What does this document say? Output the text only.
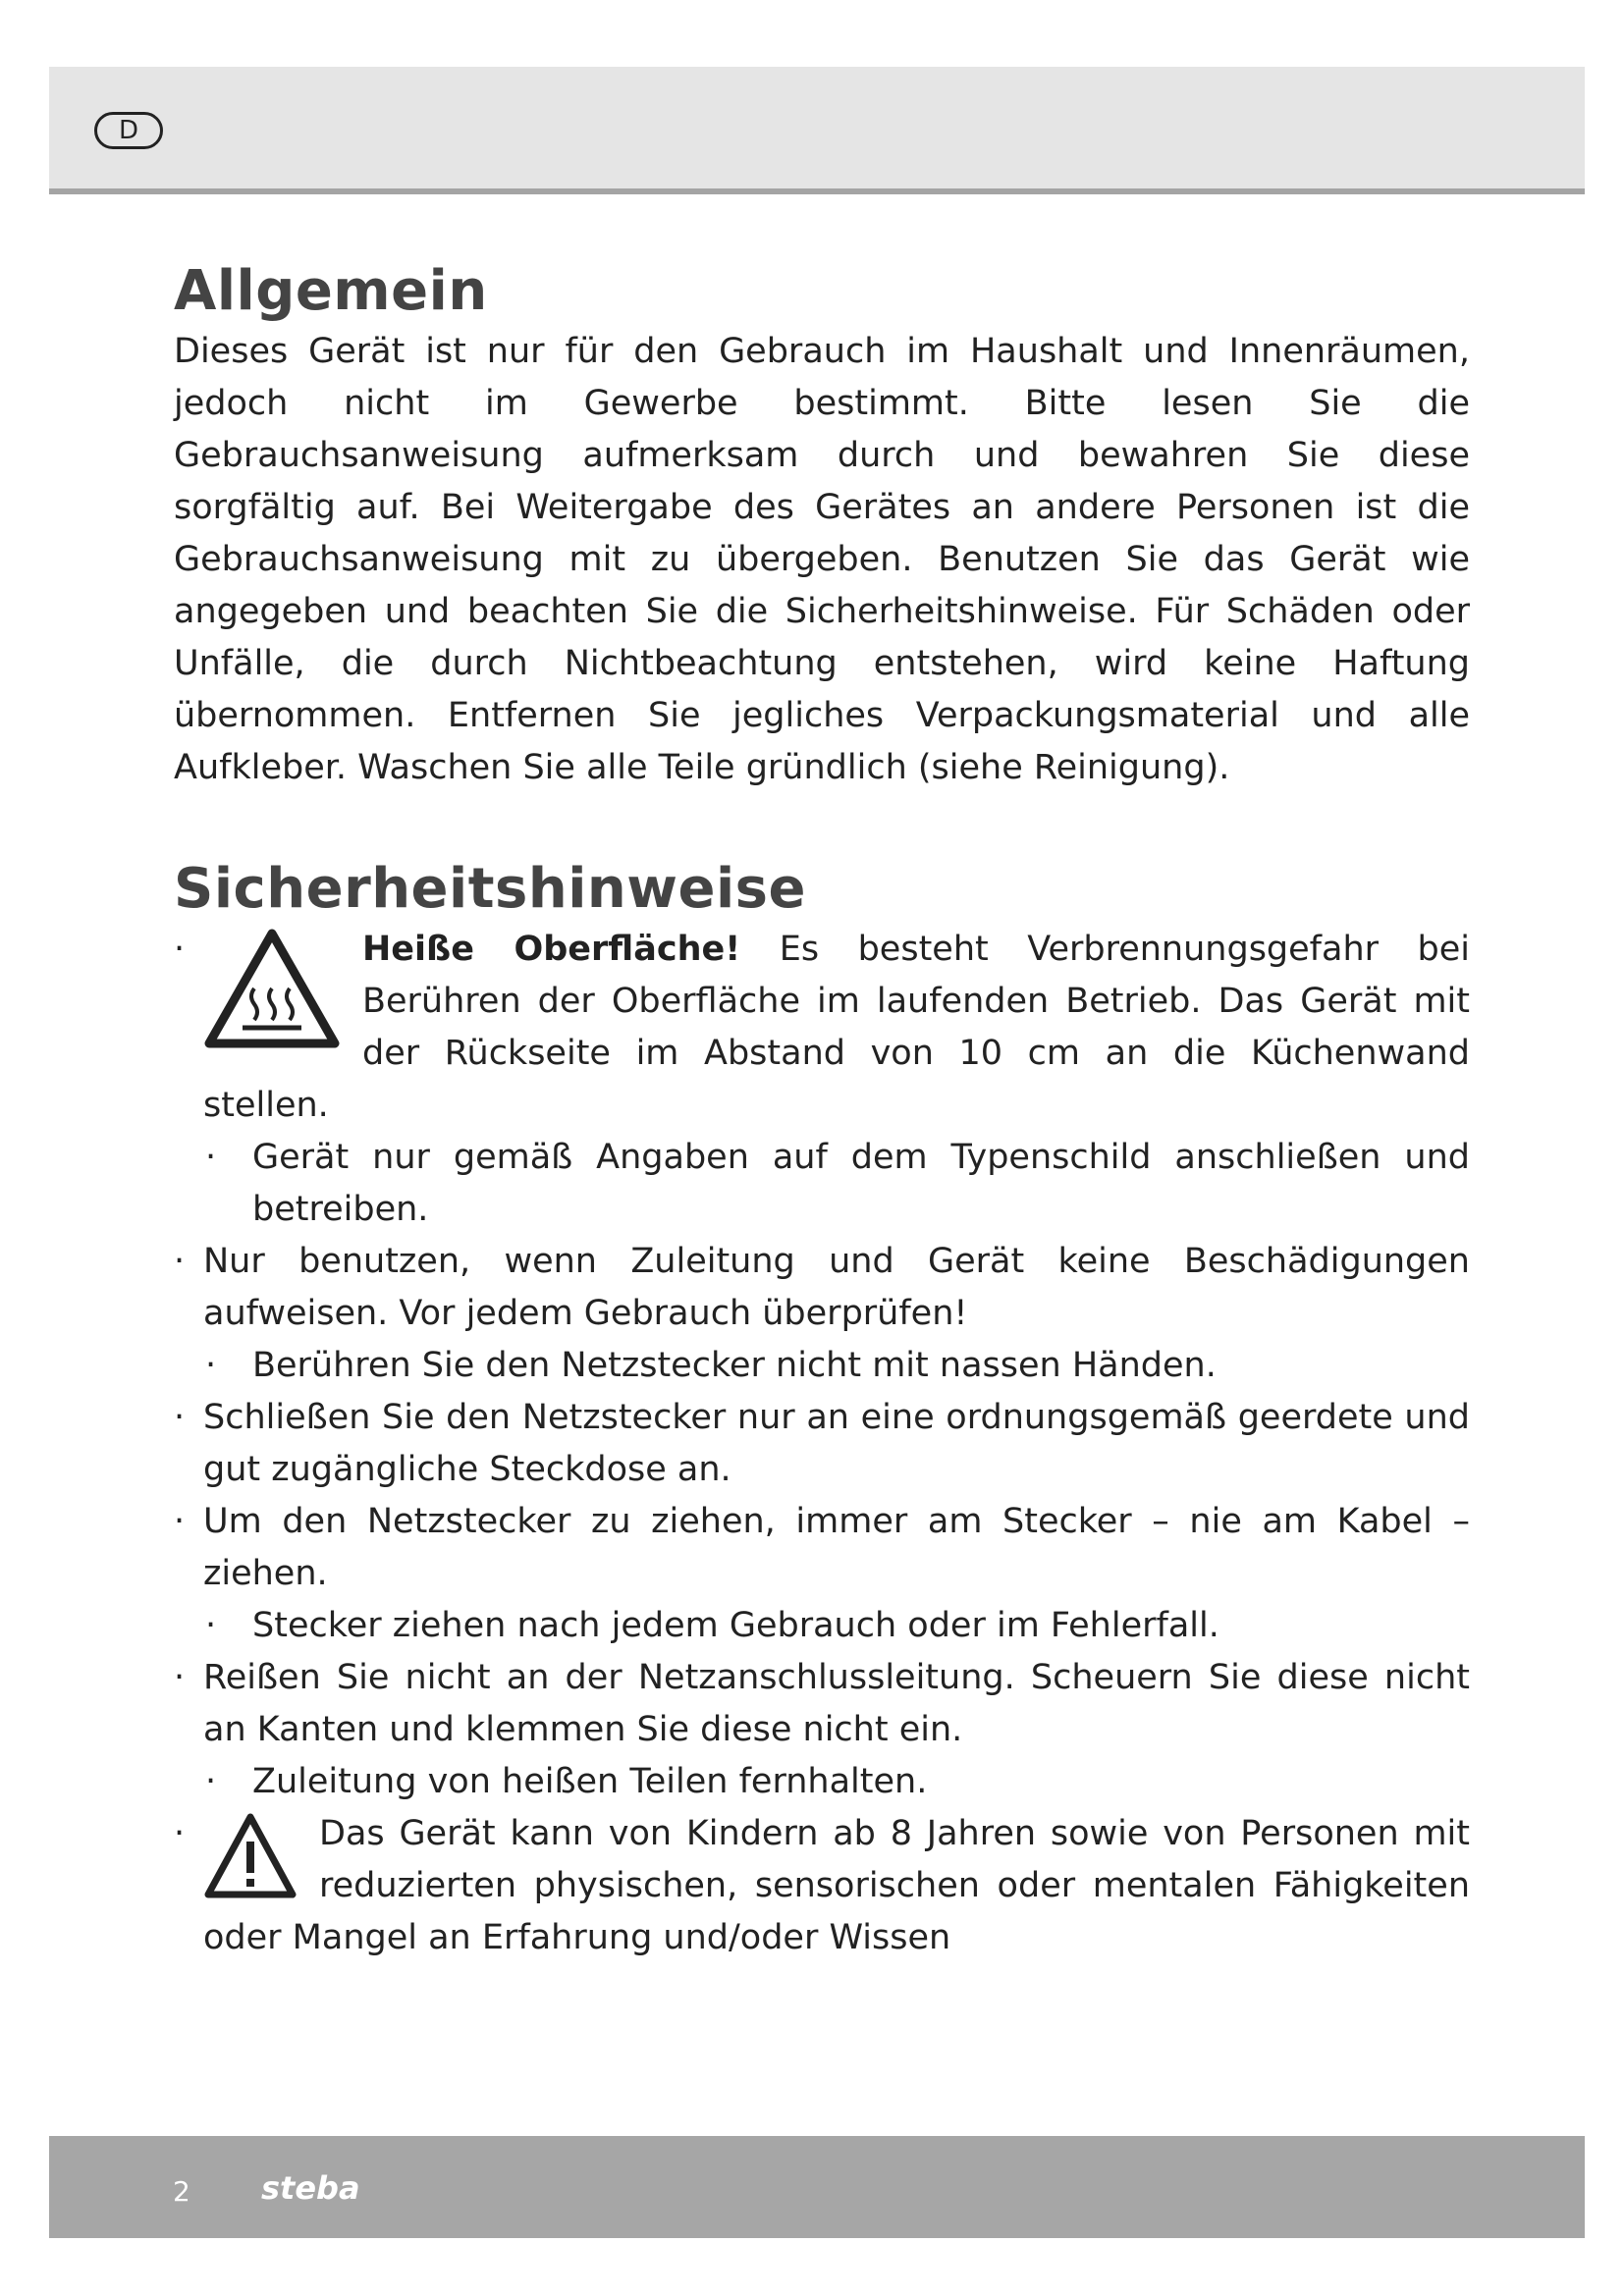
D
Allgemein

Dieses Gerät ist nur für den Gebrauch im Haushalt und Innenräumen, jedoch nicht im Gewerbe bestimmt. Bitte lesen Sie die Gebrauchsanweisung aufmerksam durch und bewahren Sie diese sorgfältig auf. Bei Weitergabe des Gerätes an andere Personen ist die Gebrauchsanweisung mit zu übergeben. Benutzen Sie das Gerät wie angegeben und beachten Sie die Sicherheitshinweise. Für Schäden oder Unfälle, die durch Nichtbeachtung entstehen, wird keine Haftung übernommen. Entfernen Sie jegliches Verpackungsmaterial und alle Aufkleber. Waschen Sie alle Teile gründlich (siehe Reinigung).

Sicherheitshinweise
·	Heiße Oberfläche! Es besteht Verbrennungsgefahr bei Berühren der Oberfläche im laufenden Betrieb. Das Gerät mit der Rückseite im Abstand von 10 cm an die Küchenwand stellen.
· Gerät nur gemäß Angaben auf dem Typenschild anschließen und betreiben.
· Nur benutzen, wenn Zuleitung und Gerät keine Beschädigungen aufweisen. Vor jedem Gebrauch überprüfen!
· Berühren Sie den Netzstecker nicht mit nassen Händen.
· Schließen Sie den Netzstecker nur an eine ordnungsgemäß geerdete und gut zugängliche Steckdose an.
· Um den Netzstecker zu ziehen, immer am Stecker – nie am Kabel – ziehen.
· Stecker ziehen nach jedem Gebrauch oder im Fehlerfall.
· Reißen Sie nicht an der Netzanschlussleitung. Scheuern Sie diese nicht an Kanten und klemmen Sie diese nicht ein.
· Zuleitung von heißen Teilen fernhalten.
·	Das Gerät kann von Kindern ab 8 Jahren sowie von Personen mit reduzierten physischen, sensorischen oder mentalen Fähigkeiten oder Mangel an Erfahrung und/oder Wissen
2 steba
